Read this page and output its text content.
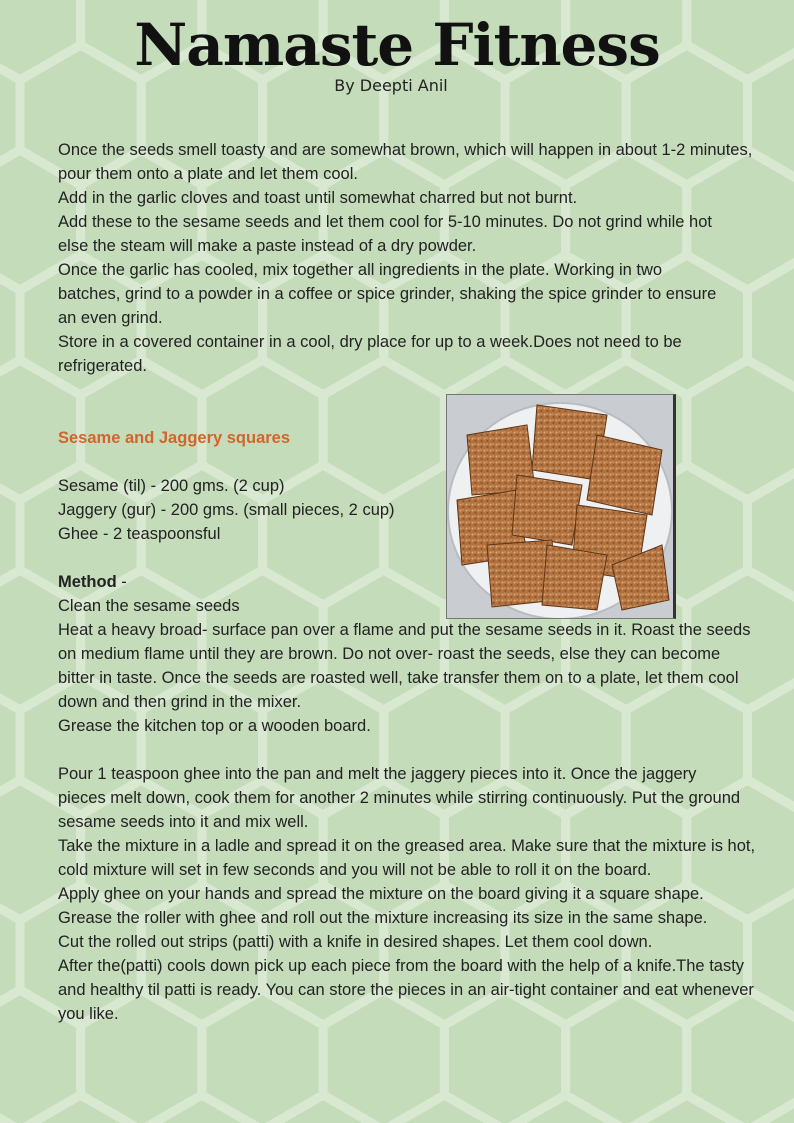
Namaste Fitness
By Deepti Anil

Once the seeds smell toasty and are somewhat brown, which will happen in about 1-2 minutes, pour them onto a plate and let them cool.

Add in the garlic cloves and toast until somewhat charred but not burnt.

Add these to the sesame seeds and let them cool for 5-10 minutes. Do not grind while hot else the steam will make a paste instead of a dry powder.

Once the garlic has cooled, mix together all ingredients in the plate. Working in two batches, grind to a powder in a coffee or spice grinder, shaking the spice grinder to ensure an even grind.

Store in a covered container in a cool, dry place for up to a week.Does not need to be refrigerated.

Sesame and Jaggery squares

Sesame (til) - 200 gms. (2 cup)

Jaggery (gur) - 200 gms. (small pieces, 2 cup)

Ghee - 2 teaspoonsful

Method -

Clean the sesame seeds

Heat a heavy broad- surface pan over a flame and put the sesame seeds in it. Roast the seeds on medium flame until they are brown. Do not over- roast the seeds, else they can become bitter in taste. Once the seeds are roasted well, take transfer them on to a plate, let them cool down and then grind in the mixer.

Grease the kitchen top or a wooden board.

Pour 1 teaspoon ghee into the pan and melt the jaggery pieces into it. Once the jaggery pieces melt down, cook them for another 2 minutes while stirring continuously. Put the ground sesame seeds into it and mix well.

Take the mixture in a ladle and spread it on the greased area. Make sure that the mixture is hot, cold mixture will set in few seconds and you will not be able to roll it on the board.

Apply ghee on your hands and spread the mixture on the board giving it a square shape. Grease the roller with ghee and roll out the mixture increasing its size in the same shape.

Cut the rolled out strips (patti) with a knife in desired shapes. Let them cool down.

After the(patti) cools down pick up each piece from the board with the help of a knife.The tasty and healthy til patti is ready. You can store the pieces in an air-tight container and eat whenever you like.
